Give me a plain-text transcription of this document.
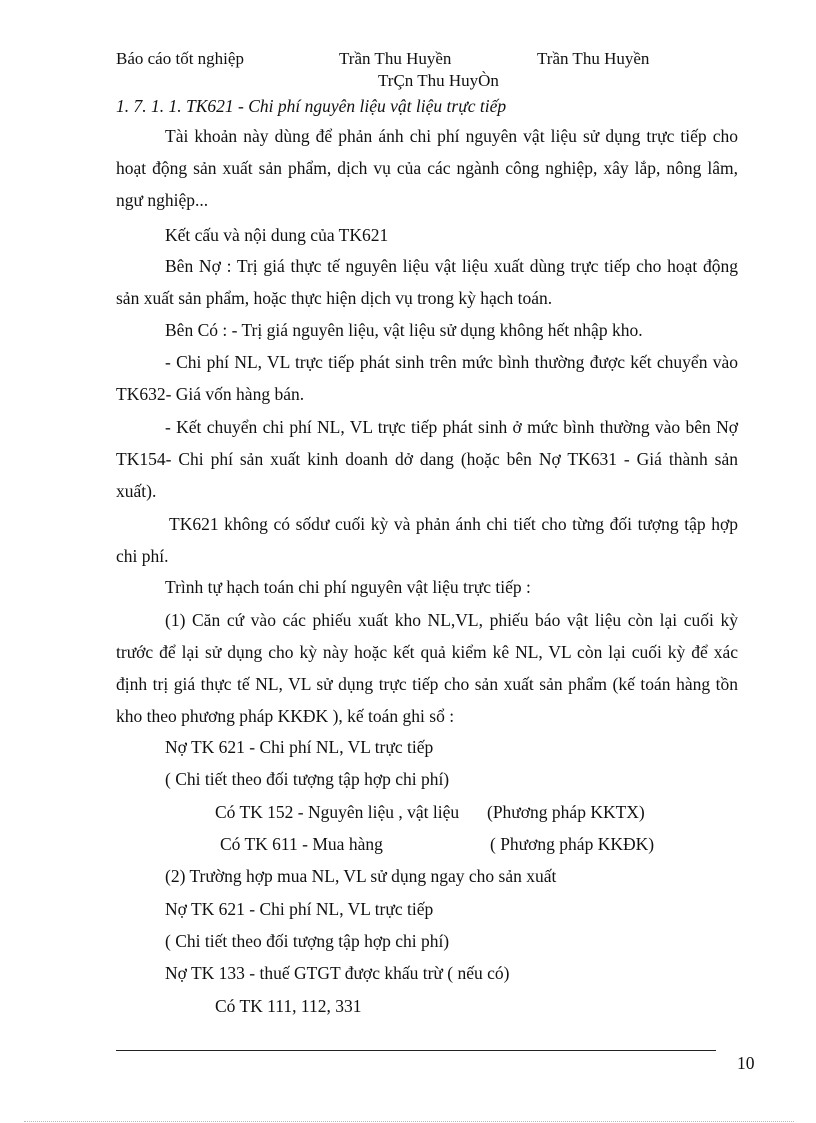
Báo cáo tốt nghiệp	Trần Thu Huyền	Trần Thu Huyền
TrÇn Thu HuyÒn
1. 7. 1. 1. TK621 - Chi phí nguyên liệu vật liệu trực tiếp
Tài khoản này dùng để phản ánh chi phí nguyên vật liệu sử dụng trực tiếp cho hoạt động sản xuất sản phẩm, dịch vụ của các ngành công nghiệp, xây lắp, nông lâm, ngư nghiệp...
Kết cấu và nội dung của TK621
Bên Nợ : Trị giá thực tế nguyên liệu vật liệu xuất dùng trực tiếp cho hoạt động sản xuất sản phẩm, hoặc thực hiện dịch vụ trong kỳ hạch toán.
Bên Có : - Trị giá nguyên liệu, vật liệu sử dụng không hết nhập kho.
- Chi phí NL, VL trực tiếp phát sinh trên mức bình thường được kết chuyển vào TK632- Giá vốn hàng bán.
- Kết chuyển chi phí NL, VL trực tiếp phát sinh ở mức bình thường vào bên Nợ TK154- Chi phí sản xuất kinh doanh dở dang (hoặc bên Nợ TK631 - Giá thành sản xuất).
TK621 không có sốdư cuối kỳ và phản ánh chi tiết cho từng đối tượng tập hợp chi phí.
Trình tự hạch toán chi phí nguyên vật liệu trực tiếp :
(1) Căn cứ vào các phiếu xuất kho NL,VL, phiếu báo vật liệu còn lại cuối kỳ trước để lại sử dụng cho kỳ này hoặc kết quả kiểm kê NL, VL còn lại cuối kỳ để xác định trị giá thực tế NL, VL sử dụng trực tiếp cho sản xuất sản phẩm (kế toán hàng tồn kho theo phương pháp KKĐK ), kế toán ghi sổ :
Nợ TK 621 - Chi phí NL, VL trực tiếp
( Chi tiết theo đối tượng tập hợp chi phí)
Có TK 152 - Nguyên liệu , vật liệu (Phương pháp KKTX)
Có TK 611 - Mua hàng	( Phương pháp KKĐK)
(2) Trường hợp mua NL, VL sử dụng ngay cho sản xuất
Nợ TK 621 - Chi phí NL, VL trực tiếp
( Chi tiết theo đối tượng tập hợp chi phí)
Nợ TK 133 - thuế GTGT được khấu trừ ( nếu có)
Có TK 111, 112, 331
10
